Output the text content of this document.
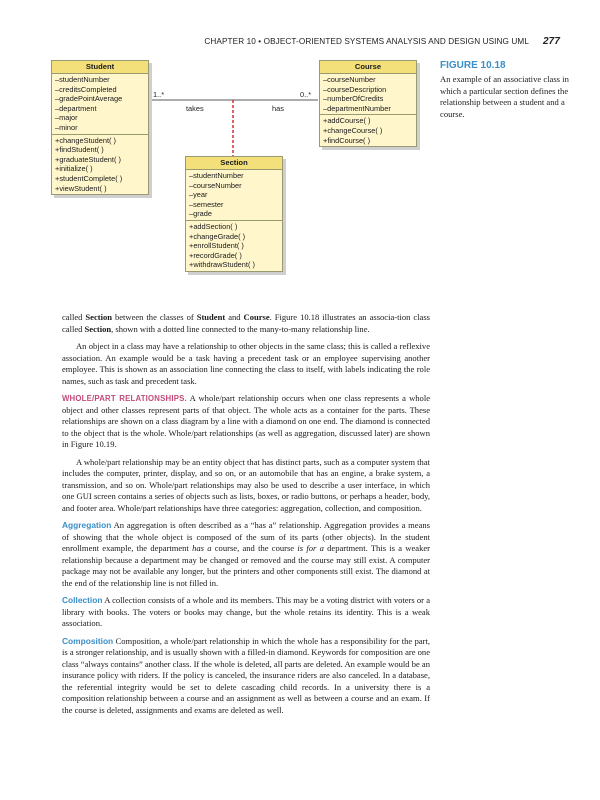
CHAPTER 10 • OBJECT-ORIENTED SYSTEMS ANALYSIS AND DESIGN USING UML 277
Student
–studentNumber
–creditsCompleted
–gradePointAverage
–department
–major
–minor
+changeStudent( )
+findStudent( )
+graduateStudent( )
+initialize( )
+studentComplete( )
+viewStudent( )
Course
–courseNumber
–courseDescription
–numberOfCredits
–departmentNumber
+addCourse( )
+changeCourse( )
+findCourse( )
Section
–studentNumber
–courseNumber
–year
–semester
–grade
+addSection( )
+changeGrade( )
+enrollStudent( )
+recordGrade( )
+withdrawStudent( )
1..*	0..*
takes	has
FIGURE 10.18
An example of an associative class in which a particular section defines the relationship between a student and a course.

called Section between the classes of Student and Course. Figure 10.18 illustrates an associa-tion class called Section, shown with a dotted line connected to the many-to-many relationship line.

An object in a class may have a relationship to other objects in the same class; this is called a reflexive association. An example would be a task having a precedent task or an employee supervising another employee. This is shown as an association line connecting the class to itself, with labels indicating the role names, such as task and precedent task.

WHOLE/PART RELATIONSHIPS. A whole/part relationship occurs when one class represents a whole object and other classes represent parts of that object. The whole acts as a container for the parts. These relationships are shown on a class diagram by a line with a diamond on one end. The diamond is connected to the object that is the whole. Whole/part relationships (as well as aggregation, discussed later) are shown in Figure 10.19.

A whole/part relationship may be an entity object that has distinct parts, such as a computer system that includes the computer, printer, display, and so on, or an automobile that has an engine, a brake system, a transmission, and so on. Whole/part relationships may also be used to describe a user interface, in which one GUI screen contains a series of objects such as lists, boxes, or radio buttons, or perhaps a header, body, and footer area. Whole/part relationships have three categories: aggregation, collection, and composition.

Aggregation An aggregation is often described as a “has a” relationship. Aggregation provides a means of showing that the whole object is composed of the sum of its parts (other objects). In the student enrollment example, the department has a course, and the course is for a department. This is a weaker relationship because a department may be changed or removed and the course may still exist. A computer package may not be available any longer, but the printers and other components still exist. The diamond at the end of the relationship line is not filled in.

Collection A collection consists of a whole and its members. This may be a voting district with voters or a library with books. The voters or books may change, but the whole retains its identity. This is a weak association.

Composition Composition, a whole/part relationship in which the whole has a responsibility for the part, is a stronger relationship, and is usually shown with a filled-in diamond. Keywords for composition are one class “always contains” another class. If the whole is deleted, all parts are deleted. An example would be an insurance policy with riders. If the policy is canceled, the insurance riders are also canceled. In a database, the referential integrity would be set to delete cascading child records. In a university there is a composition relationship between a course and an assignment as well as between a course and an exam. If the course is deleted, assignments and exams are deleted as well.
